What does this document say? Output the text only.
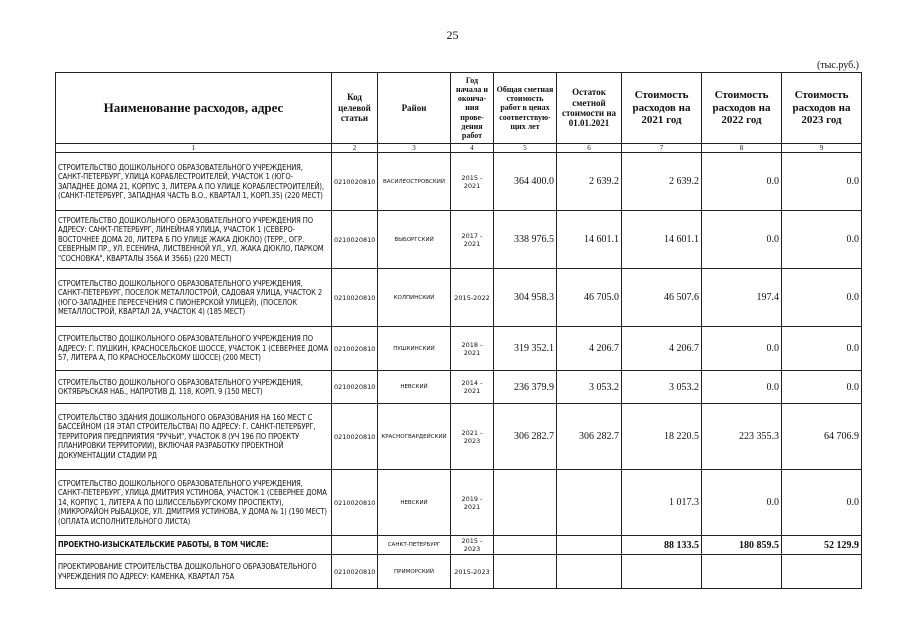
25
(тыс.руб.)
Наименование расходов, адрес	Код целевой статьи	Район	Год начала и оконча-ния прове-дения работ	Общая сметная стоимость работ в ценах соответствую-щих лет	Остаток сметной стоимости на 01.01.2021	Стоимость расходов на 2021 год	Стоимость расходов на 2022 год	Стоимость расходов на 2023 год
1	2	3	4	5	6	7	8	9
СТРОИТЕЛЬСТВО ДОШКОЛЬНОГО ОБРАЗОВАТЕЛЬНОГО УЧРЕЖДЕНИЯ, САНКТ-ПЕТЕРБУРГ, УЛИЦА КОРАБЛЕСТРОИТЕЛЕЙ, УЧАСТОК 1 (ЮГО-ЗАПАДНЕЕ ДОМА 21, КОРПУС 3, ЛИТЕРА А ПО УЛИЦЕ КОРАБЛЕСТРОИТЕЛЕЙ), (САНКТ-ПЕТЕРБУРГ, ЗАПАДНАЯ ЧАСТЬ В.О., КВАРТАЛ 1, КОРП.35) (220 МЕСТ)	0210020810	ВАСИЛЕОСТРОВСКИЙ	2015 - 2021	364 400.0	2 639.2	2 639.2	0.0	0.0
СТРОИТЕЛЬСТВО ДОШКОЛЬНОГО ОБРАЗОВАТЕЛЬНОГО УЧРЕЖДЕНИЯ ПО АДРЕСУ: САНКТ-ПЕТЕРБУРГ, ЛИНЕЙНАЯ УЛИЦА, УЧАСТОК 1 (СЕВЕРО-ВОСТОЧНЕЕ ДОМА 20, ЛИТЕРА Б ПО УЛИЦЕ ЖАКА ДЮКЛО) (ТЕРР., ОГР. СЕВЕРНЫМ ПР., УЛ. ЕСЕНИНА, ЛИСТВЕННОЙ УЛ., УЛ. ЖАКА ДЮКЛО, ПАРКОМ "СОСНОВКА", КВАРТАЛЫ 356А И 356Б) (220 МЕСТ)	0210020810	ВЫБОРГСКИЙ	2017 - 2021	338 976.5	14 601.1	14 601.1	0.0	0.0
СТРОИТЕЛЬСТВО ДОШКОЛЬНОГО ОБРАЗОВАТЕЛЬНОГО УЧРЕЖДЕНИЯ, САНКТ-ПЕТЕРБУРГ, ПОСЕЛОК МЕТАЛЛОСТРОЙ, САДОВАЯ УЛИЦА, УЧАСТОК 2 (ЮГО-ЗАПАДНЕЕ ПЕРЕСЕЧЕНИЯ С ПИОНЕРСКОЙ УЛИЦЕЙ), (ПОСЕЛОК МЕТАЛЛОСТРОЙ, КВАРТАЛ 2А, УЧАСТОК 4) (185 МЕСТ)	0210020810	КОЛПИНСКИЙ	2015-2022	304 958.3	46 705.0	46 507.6	197.4	0.0
СТРОИТЕЛЬСТВО ДОШКОЛЬНОГО ОБРАЗОВАТЕЛЬНОГО УЧРЕЖДЕНИЯ ПО АДРЕСУ: Г. ПУШКИН, КРАСНОСЕЛЬСКОЕ ШОССЕ, УЧАСТОК 1 (СЕВЕРНЕЕ ДОМА 57, ЛИТЕРА А, ПО КРАСНОСЕЛЬСКОМУ ШОССЕ) (200 МЕСТ)	0210020810	ПУШКИНСКИЙ	2018 - 2021	319 352.1	4 206.7	4 206.7	0.0	0.0
СТРОИТЕЛЬСТВО ДОШКОЛЬНОГО ОБРАЗОВАТЕЛЬНОГО УЧРЕЖДЕНИЯ, ОКТЯБРЬСКАЯ НАБ., НАПРОТИВ Д. 118, КОРП. 9 (150 МЕСТ)	0210020810	НЕВСКИЙ	2014 - 2021	236 379.9	3 053.2	3 053.2	0.0	0.0
СТРОИТЕЛЬСТВО ЗДАНИЯ ДОШКОЛЬНОГО ОБРАЗОВАНИЯ НА 160 МЕСТ С БАССЕЙНОМ (1Я ЭТАП СТРОИТЕЛЬСТВА) ПО АДРЕСУ: Г. САНКТ-ПЕТЕРБУРГ, ТЕРРИТОРИЯ ПРЕДПРИЯТИЯ "РУЧЬИ", УЧАСТОК 8 (УЧ 196 ПО ПРОЕКТУ ПЛАНИРОВКИ ТЕРРИТОРИИ), ВКЛЮЧАЯ РАЗРАБОТКУ ПРОЕКТНОЙ ДОКУМЕНТАЦИИ СТАДИИ РД	0210020810	КРАСНОГВАРДЕЙСКИЙ	2021 - 2023	306 282.7	306 282.7	18 220.5	223 355.3	64 706.9
СТРОИТЕЛЬСТВО ДОШКОЛЬНОГО ОБРАЗОВАТЕЛЬНОГО УЧРЕЖДЕНИЯ, САНКТ-ПЕТЕРБУРГ, УЛИЦА ДМИТРИЯ УСТИНОВА, УЧАСТОК 1 (СЕВЕРНЕЕ ДОМА 14, КОРПУС 1, ЛИТЕРА А ПО ШЛИССЕЛЬБУРГСКОМУ ПРОСПЕКТУ), (МИКРОРАЙОН РЫБАЦКОЕ, УЛ. ДМИТРИЯ УСТИНОВА, У ДОМА № 1) (190 МЕСТ) (ОПЛАТА ИСПОЛНИТЕЛЬНОГО ЛИСТА)	0210020810	НЕВСКИЙ	2019 - 2021			1 017.3	0.0	0.0
ПРОЕКТНО-ИЗЫСКАТЕЛЬСКИЕ РАБОТЫ, В ТОМ ЧИСЛЕ:		САНКТ-ПЕТЕРБУРГ	2015 - 2023			88 133.5	180 859.5	52 129.9
ПРОЕКТИРОВАНИЕ СТРОИТЕЛЬСТВА ДОШКОЛЬНОГО ОБРАЗОВАТЕЛЬНОГО УЧРЕЖДЕНИЯ ПО АДРЕСУ: КАМЕНКА, КВАРТАЛ 75А	0210020810	ПРИМОРСКИЙ	2015-2023					
